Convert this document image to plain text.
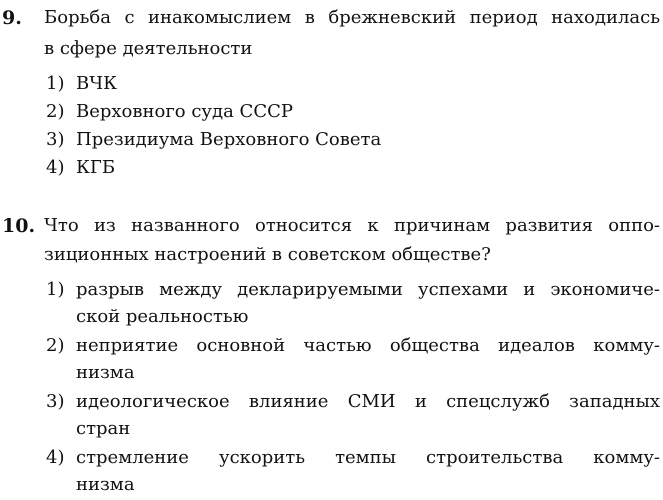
9. Борьба с инакомыслием в брежневский период находилась
в сфере деятельности
1) ВЧК
2) Верховного суда СССР
3) Президиума Верховного Совета
4) КГБ
10. Что из названного относится к причинам развития оппо-
зиционных настроений в советском обществе?
1) разрыв между декларируемыми успехами и экономиче-
ской реальностью
2) неприятие основной частью общества идеалов комму-
низма
3) идеологическое влияние СМИ и спецслужб западных
стран
4) стремление ускорить темпы строительства комму-
низма
